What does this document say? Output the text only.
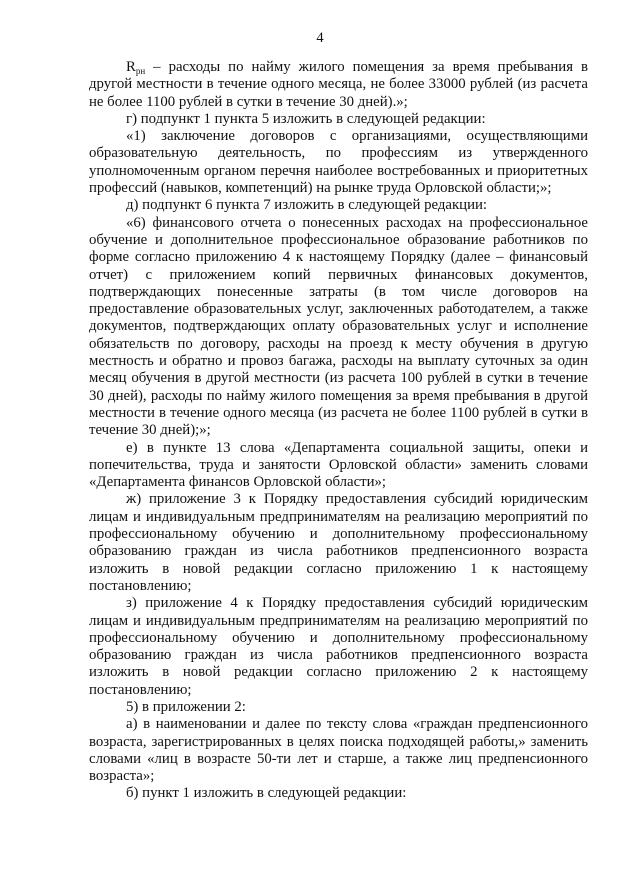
4

$R_{рн}$ – расходы по найму жилого помещения за время пребывания в другой местности в течение одного месяца, не более 33000 рублей (из расчета не более 1100 рублей в сутки в течение 30 дней).»;

г) подпункт 1 пункта 5 изложить в следующей редакции:

«1) заключение договоров с организациями, осуществляющими образовательную деятельность, по профессиям из утвержденного уполномоченным органом перечня наиболее востребованных и приоритетных профессий (навыков, компетенций) на рынке труда Орловской области;»;

д) подпункт 6 пункта 7 изложить в следующей редакции:

«6) финансового отчета о понесенных расходах на профессиональное обучение и дополнительное профессиональное образование работников по форме согласно приложению 4 к настоящему Порядку (далее – финансовый отчет) с приложением копий первичных финансовых документов, подтверждающих понесенные затраты (в том числе договоров на предоставление образовательных услуг, заключенных работодателем, а также документов, подтверждающих оплату образовательных услуг и исполнение обязательств по договору, расходы на проезд к месту обучения в другую местность и обратно и провоз багажа, расходы на выплату суточных за один месяц обучения в другой местности (из расчета 100 рублей в сутки в течение 30 дней), расходы по найму жилого помещения за время пребывания в другой местности в течение одного месяца (из расчета не более 1100 рублей в сутки в течение 30 дней);»;

е) в пункте 13 слова «Департамента социальной защиты, опеки и попечительства, труда и занятости Орловской области» заменить словами «Департамента финансов Орловской области»;

ж) приложение 3 к Порядку предоставления субсидий юридическим лицам и индивидуальным предпринимателям на реализацию мероприятий по профессиональному обучению и дополнительному профессиональному образованию граждан из числа работников предпенсионного возраста изложить в новой редакции согласно приложению 1 к настоящему постановлению;

з) приложение 4 к Порядку предоставления субсидий юридическим лицам и индивидуальным предпринимателям на реализацию мероприятий по профессиональному обучению и дополнительному профессиональному образованию граждан из числа работников предпенсионного возраста изложить в новой редакции согласно приложению 2 к настоящему постановлению;

5) в приложении 2:

а) в наименовании и далее по тексту слова «граждан предпенсионного возраста, зарегистрированных в целях поиска подходящей работы,» заменить словами «лиц в возрасте 50-ти лет и старше, а также лиц предпенсионного возраста»;

б) пункт 1 изложить в следующей редакции:
